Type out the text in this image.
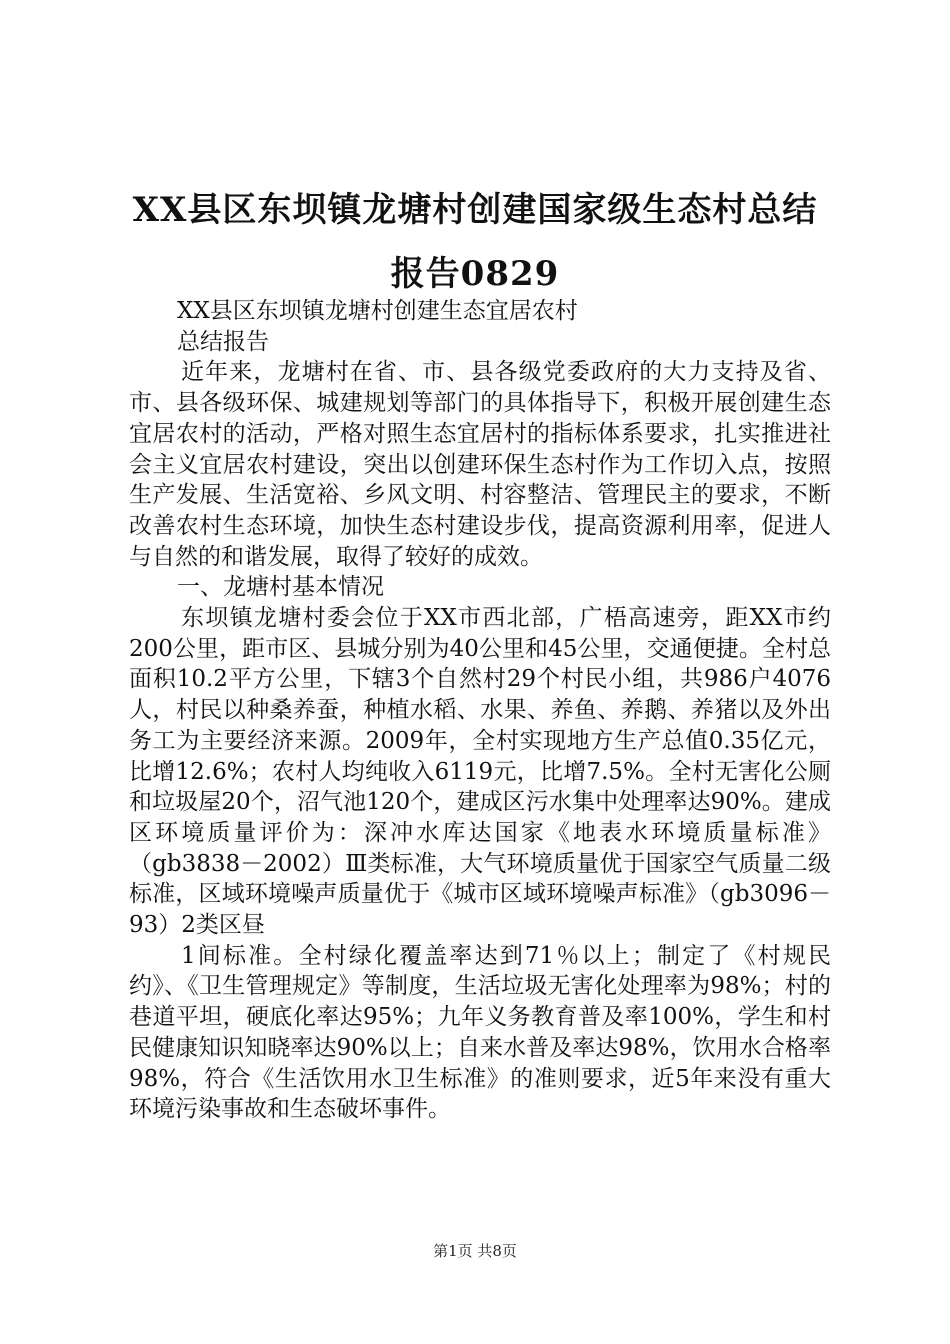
XX县区东坝镇龙塘村创建国家级生态村总结报告0829

XX县区东坝镇龙塘村创建生态宜居农村

总结报告

近年来，龙塘村在省、市、县各级党委政府的大力支持及省、市、县各级环保、城建规划等部门的具体指导下，积极开展创建生态宜居农村的活动，严格对照生态宜居村的指标体系要求，扎实推进社会主义宜居农村建设，突出以创建环保生态村作为工作切入点，按照生产发展、生活宽裕、乡风文明、村容整洁、管理民主的要求，不断改善农村生态环境，加快生态村建设步伐，提高资源利用率，促进人与自然的和谐发展，取得了较好的成效。

一、龙塘村基本情况

东坝镇龙塘村委会位于XX市西北部，广梧高速旁，距XX市约200公里，距市区、县城分别为40公里和45公里，交通便捷。全村总面积10.2平方公里，下辖3个自然村29个村民小组，共986户4076人，村民以种桑养蚕，种植水稻、水果、养鱼、养鹅、养猪以及外出务工为主要经济来源。2009年，全村实现地方生产总值0.35亿元，比增12.6%；农村人均纯收入6119元，比增7.5%。全村无害化公厕和垃圾屋20个，沼气池120个，建成区污水集中处理率达90%。建成区环境质量评价为：深冲水库达国家《地表水环境质量标准》（gb3838－2002）Ⅲ类标准，大气环境质量优于国家空气质量二级标准，区域环境噪声质量优于《城市区域环境噪声标准》（gb3096－93）2类区昼

1间标准。全村绿化覆盖率达到71％以上；制定了《村规民约》、《卫生管理规定》等制度，生活垃圾无害化处理率为98%；村的巷道平坦，硬底化率达95%；九年义务教育普及率100%，学生和村民健康知识知晓率达90%以上；自来水普及率达98%，饮用水合格率98%，符合《生活饮用水卫生标准》的准则要求，近5年来没有重大环境污染事故和生态破坏事件。

第1页 共8页
